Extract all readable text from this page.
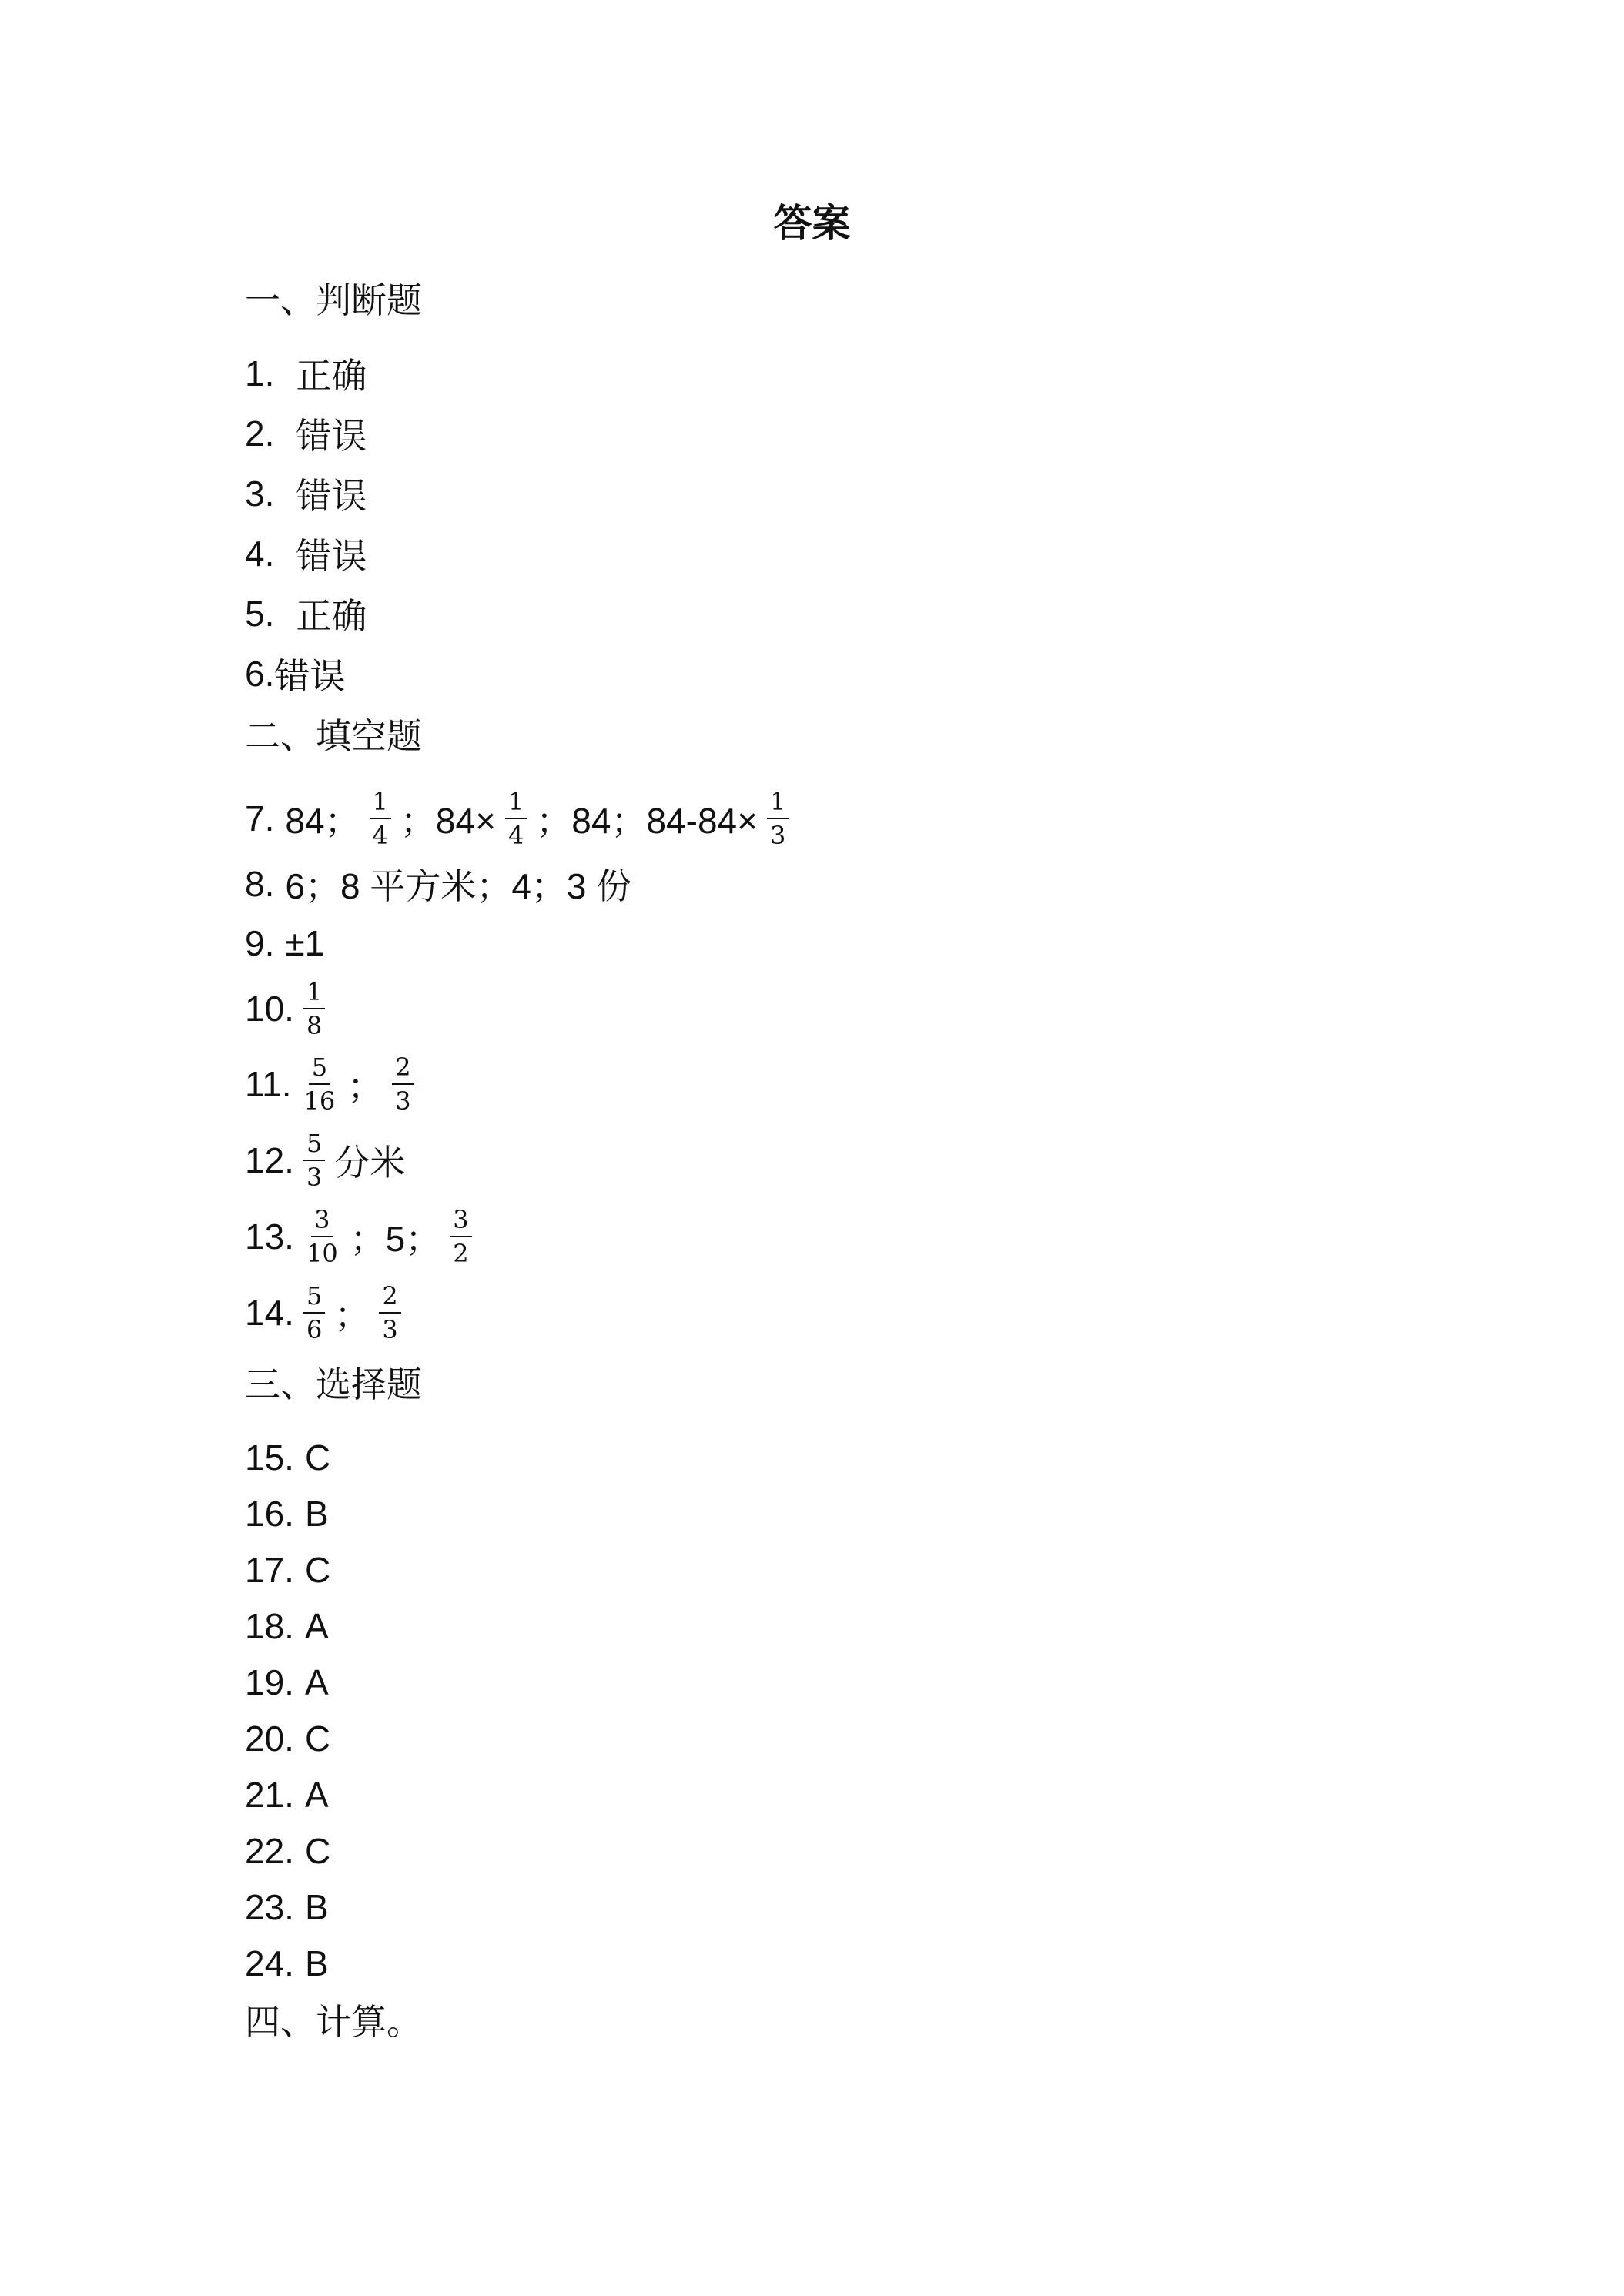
答案
一、判断题
1. 正确
2. 错误
3. 错误
4. 错误
5. 正确
6. 错误
二、填空题
7. 84； $\frac{1}{4}$ ；$84\times \frac{1}{4}$ ；84；$84-84\times \frac{1}{3}$
8. 6；8 平方米；4；3 份
9. ±1
10. $\frac{1}{8}$
11. $\frac{5}{16}$ ； $\frac{2}{3}$
12. $\frac{5}{3}$ 分米
13. $\frac{3}{10}$ ；5； $\frac{3}{2}$
14. $\frac{5}{6}$ ； $\frac{2}{3}$
三、选择题
15. C
16. B
17. C
18. A
19. A
20. C
21. A
22. C
23. B
24. B
四、计算。
